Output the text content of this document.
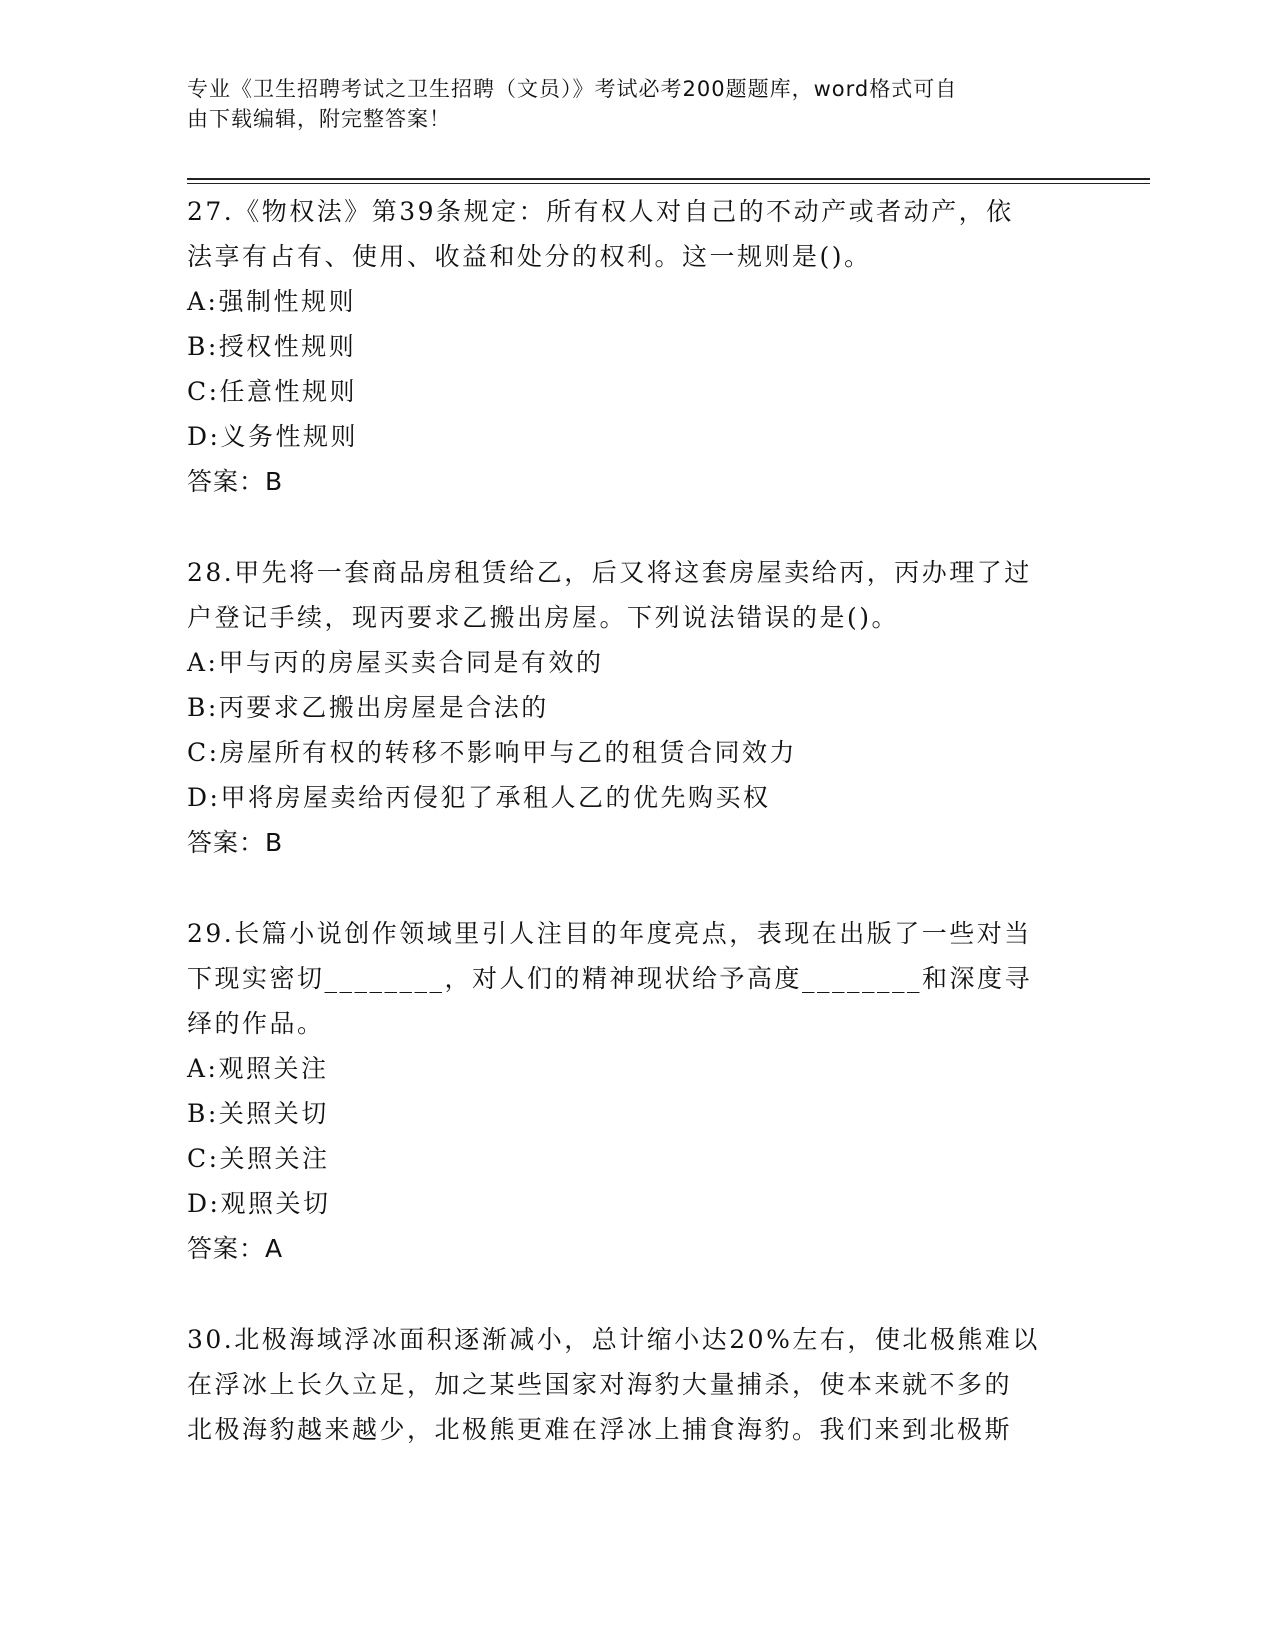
专业《卫生招聘考试之卫生招聘（文员）》考试必考200题题库，word格式可自
由下载编辑，附完整答案！

27.《物权法》第39条规定：所有权人对自己的不动产或者动产，依

法享有占有、使用、收益和处分的权利。这一规则是()。

A:强制性规则

B:授权性规则

C:任意性规则

D:义务性规则

答案：B

28.甲先将一套商品房租赁给乙，后又将这套房屋卖给丙，丙办理了过

户登记手续，现丙要求乙搬出房屋。下列说法错误的是()。

A:甲与丙的房屋买卖合同是有效的

B:丙要求乙搬出房屋是合法的

C:房屋所有权的转移不影响甲与乙的租赁合同效力

D:甲将房屋卖给丙侵犯了承租人乙的优先购买权

答案：B

29.长篇小说创作领域里引人注目的年度亮点，表现在出版了一些对当

下现实密切________，对人们的精神现状给予高度________和深度寻

绎的作品。

A:观照关注

B:关照关切

C:关照关注

D:观照关切

答案：A

30.北极海域浮冰面积逐渐减小，总计缩小达20%左右，使北极熊难以

在浮冰上长久立足，加之某些国家对海豹大量捕杀，使本来就不多的

北极海豹越来越少，北极熊更难在浮冰上捕食海豹。我们来到北极斯
